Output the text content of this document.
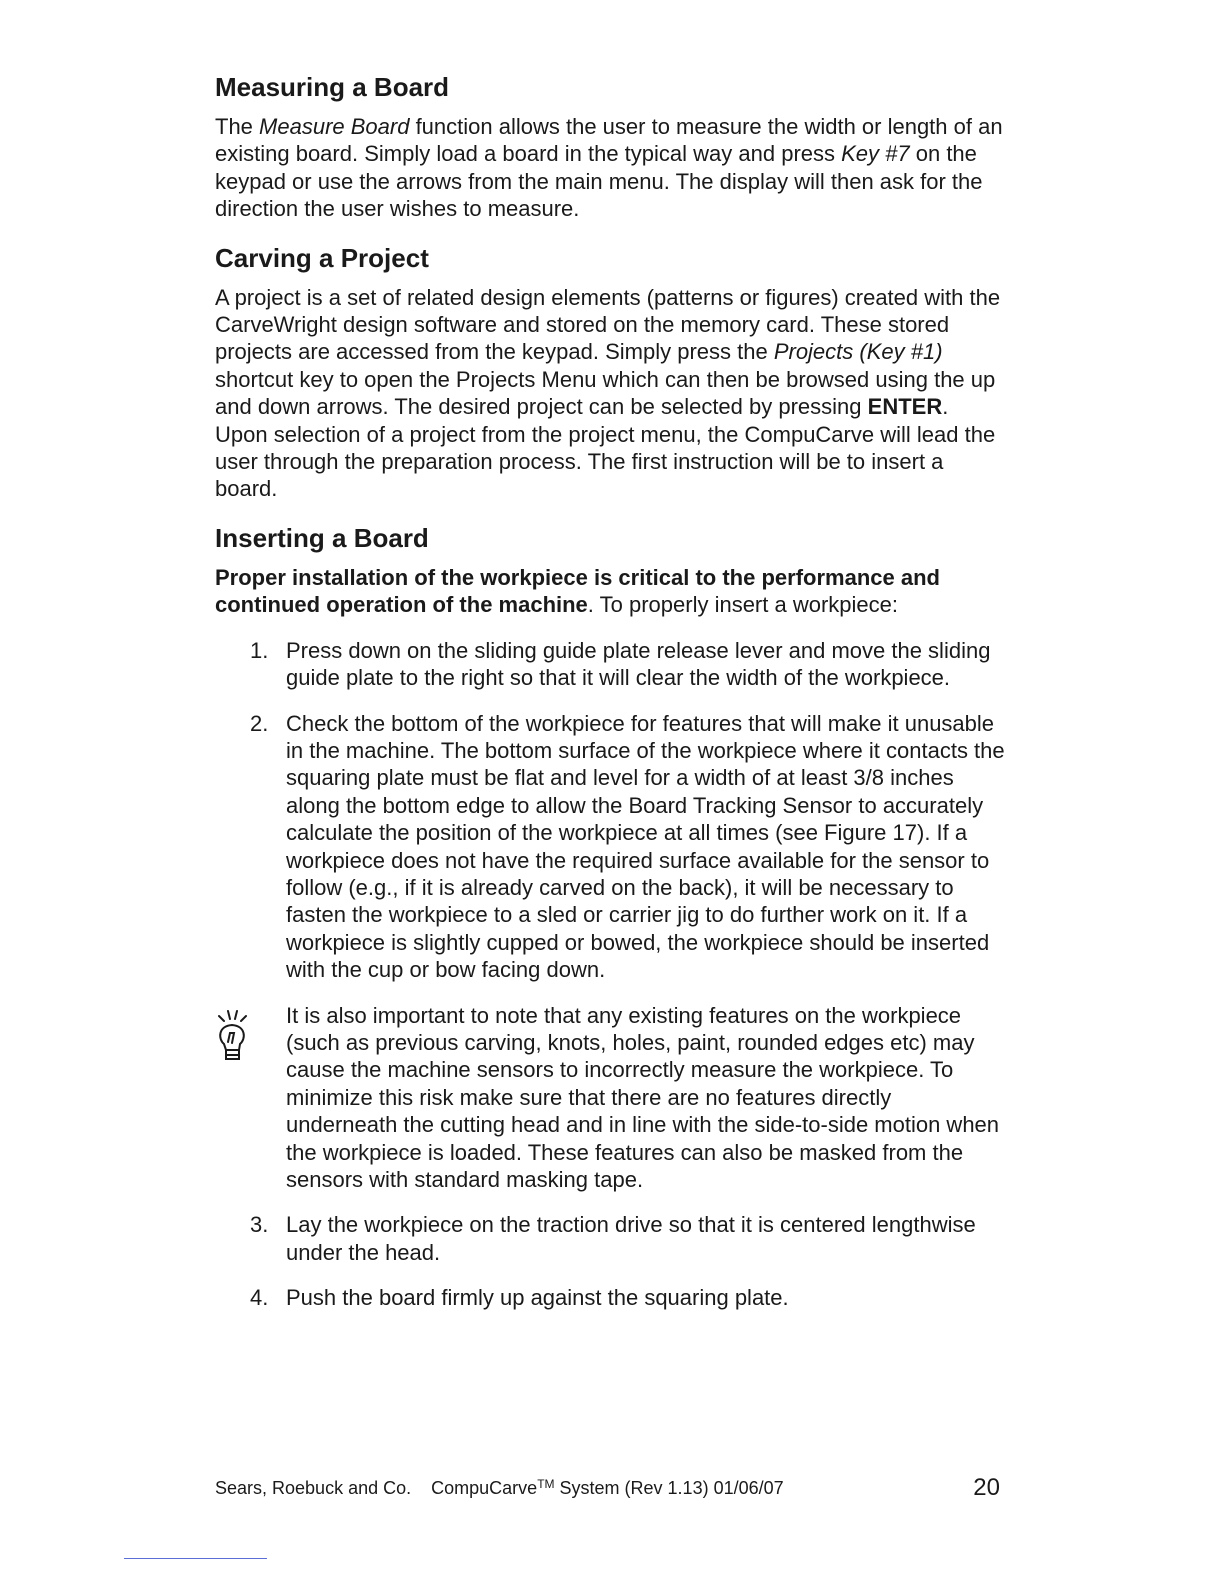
Measuring a Board

The Measure Board function allows the user to measure the width or length of an existing board. Simply load a board in the typical way and press Key #7 on the keypad or use the arrows from the main menu. The display will then ask for the direction the user wishes to measure.

Carving a Project

A project is a set of related design elements (patterns or figures) created with the CarveWright design software and stored on the memory card. These stored projects are accessed from the keypad. Simply press the Projects (Key #1) shortcut key to open the Projects Menu which can then be browsed using the up and down arrows. The desired project can be selected by pressing ENTER. Upon selection of a project from the project menu, the CompuCarve will lead the user through the preparation process. The first instruction will be to insert a board.

Inserting a Board

Proper installation of the workpiece is critical to the performance and continued operation of the machine. To properly insert a workpiece:

1. Press down on the sliding guide plate release lever and move the sliding guide plate to the right so that it will clear the width of the workpiece.
2. Check the bottom of the workpiece for features that will make it unusable in the machine. The bottom surface of the workpiece where it contacts the squaring plate must be flat and level for a width of at least 3/8 inches along the bottom edge to allow the Board Tracking Sensor to accurately calculate the position of the workpiece at all times (see Figure 17). If a workpiece does not have the required surface available for the sensor to follow (e.g., if it is already carved on the back), it will be necessary to fasten the workpiece to a sled or carrier jig to do further work on it. If a workpiece is slightly cupped or bowed, the workpiece should be inserted with the cup or bow facing down.
It is also important to note that any existing features on the workpiece (such as previous carving, knots, holes, paint, rounded edges etc) may cause the machine sensors to incorrectly measure the workpiece. To minimize this risk make sure that there are no features directly underneath the cutting head and in line with the side-to-side motion when the workpiece is loaded. These features can also be masked from the sensors with standard masking tape.
3. Lay the workpiece on the traction drive so that it is centered lengthwise under the head.
4. Push the board firmly up against the squaring plate.
Sears, Roebuck and Co. CompuCarve™ System (Rev 1.13) 01/06/07	20
